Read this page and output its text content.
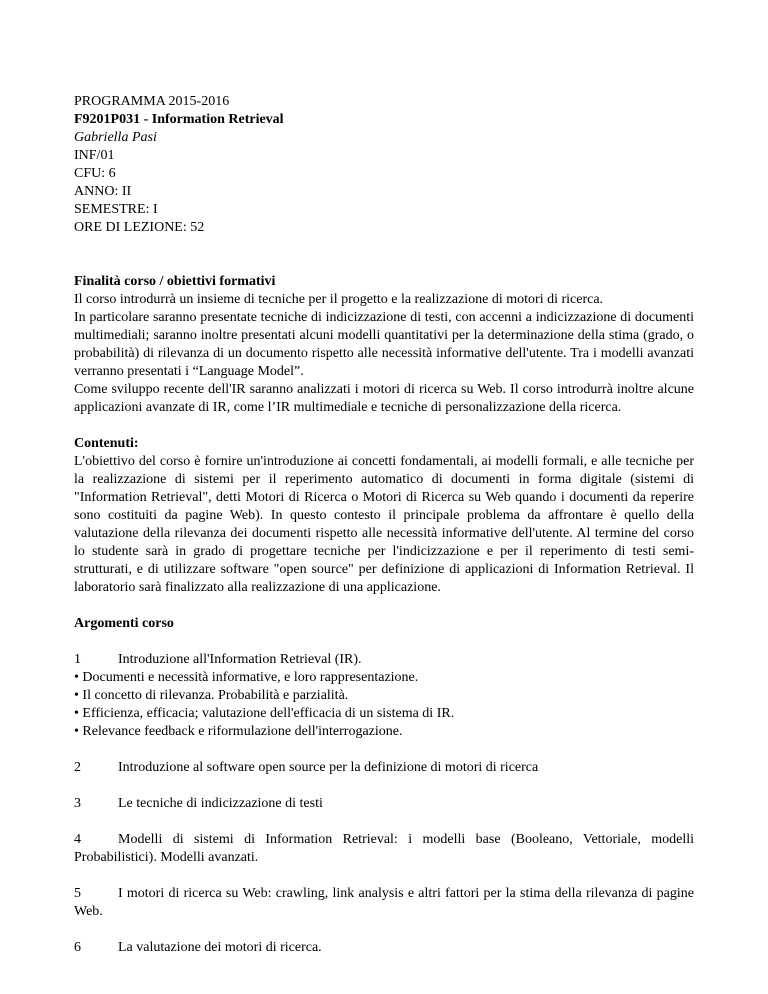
PROGRAMMA 2015-2016
F9201P031 - Information Retrieval
Gabriella Pasi
INF/01
CFU: 6
ANNO: II
SEMESTRE: I
ORE DI LEZIONE: 52
Finalità corso / obiettivi formativi
Il corso introdurrà un insieme di tecniche per il progetto e la realizzazione di motori di ricerca.

In particolare saranno presentate tecniche di indicizzazione di testi, con accenni a indicizzazione di documenti multimediali; saranno inoltre presentati alcuni modelli quantitativi per la determinazione della stima (grado, o probabilità) di rilevanza di un documento rispetto alle necessità informative dell'utente. Tra i modelli avanzati verranno presentati i “Language Model”.

Come sviluppo recente dell'IR saranno analizzati i motori di ricerca su Web. Il corso introdurrà inoltre alcune applicazioni avanzate di IR, come l’IR multimediale e tecniche di personalizzazione della ricerca.

Contenuti:

L'obiettivo del corso è fornire un'introduzione ai concetti fondamentali, ai modelli formali, e alle tecniche per la realizzazione di sistemi per il reperimento automatico di documenti in forma digitale (sistemi di "Information Retrieval", detti Motori di Ricerca o Motori di Ricerca su Web quando i documenti da reperire sono costituiti da pagine Web). In questo contesto il principale problema da affrontare è quello della valutazione della rilevanza dei documenti rispetto alle necessità informative dell'utente. Al termine del corso lo studente sarà in grado di progettare tecniche per l'indicizzazione e per il reperimento di testi semi-strutturati, e di utilizzare software "open source" per definizione di applicazioni di Information Retrieval. Il laboratorio sarà finalizzato alla realizzazione di una applicazione.

Argomenti corso

1	Introduzione all'Information Retrieval (IR).

• Documenti e necessità informative, e loro rappresentazione.
• Il concetto di rilevanza. Probabilità e parzialità.
• Efficienza, efficacia; valutazione dell'efficacia di un sistema di IR.
• Relevance feedback e riformulazione dell'interrogazione.

2	Introduzione al software open source per la definizione di motori di ricerca

3	Le tecniche di indicizzazione di testi

4	Modelli di sistemi di Information Retrieval: i modelli base (Booleano, Vettoriale, modelli Probabilistici). Modelli avanzati.

5	I motori di ricerca su Web: crawling, link analysis e altri fattori per la stima della rilevanza di pagine Web.

6	La valutazione dei motori di ricerca.
